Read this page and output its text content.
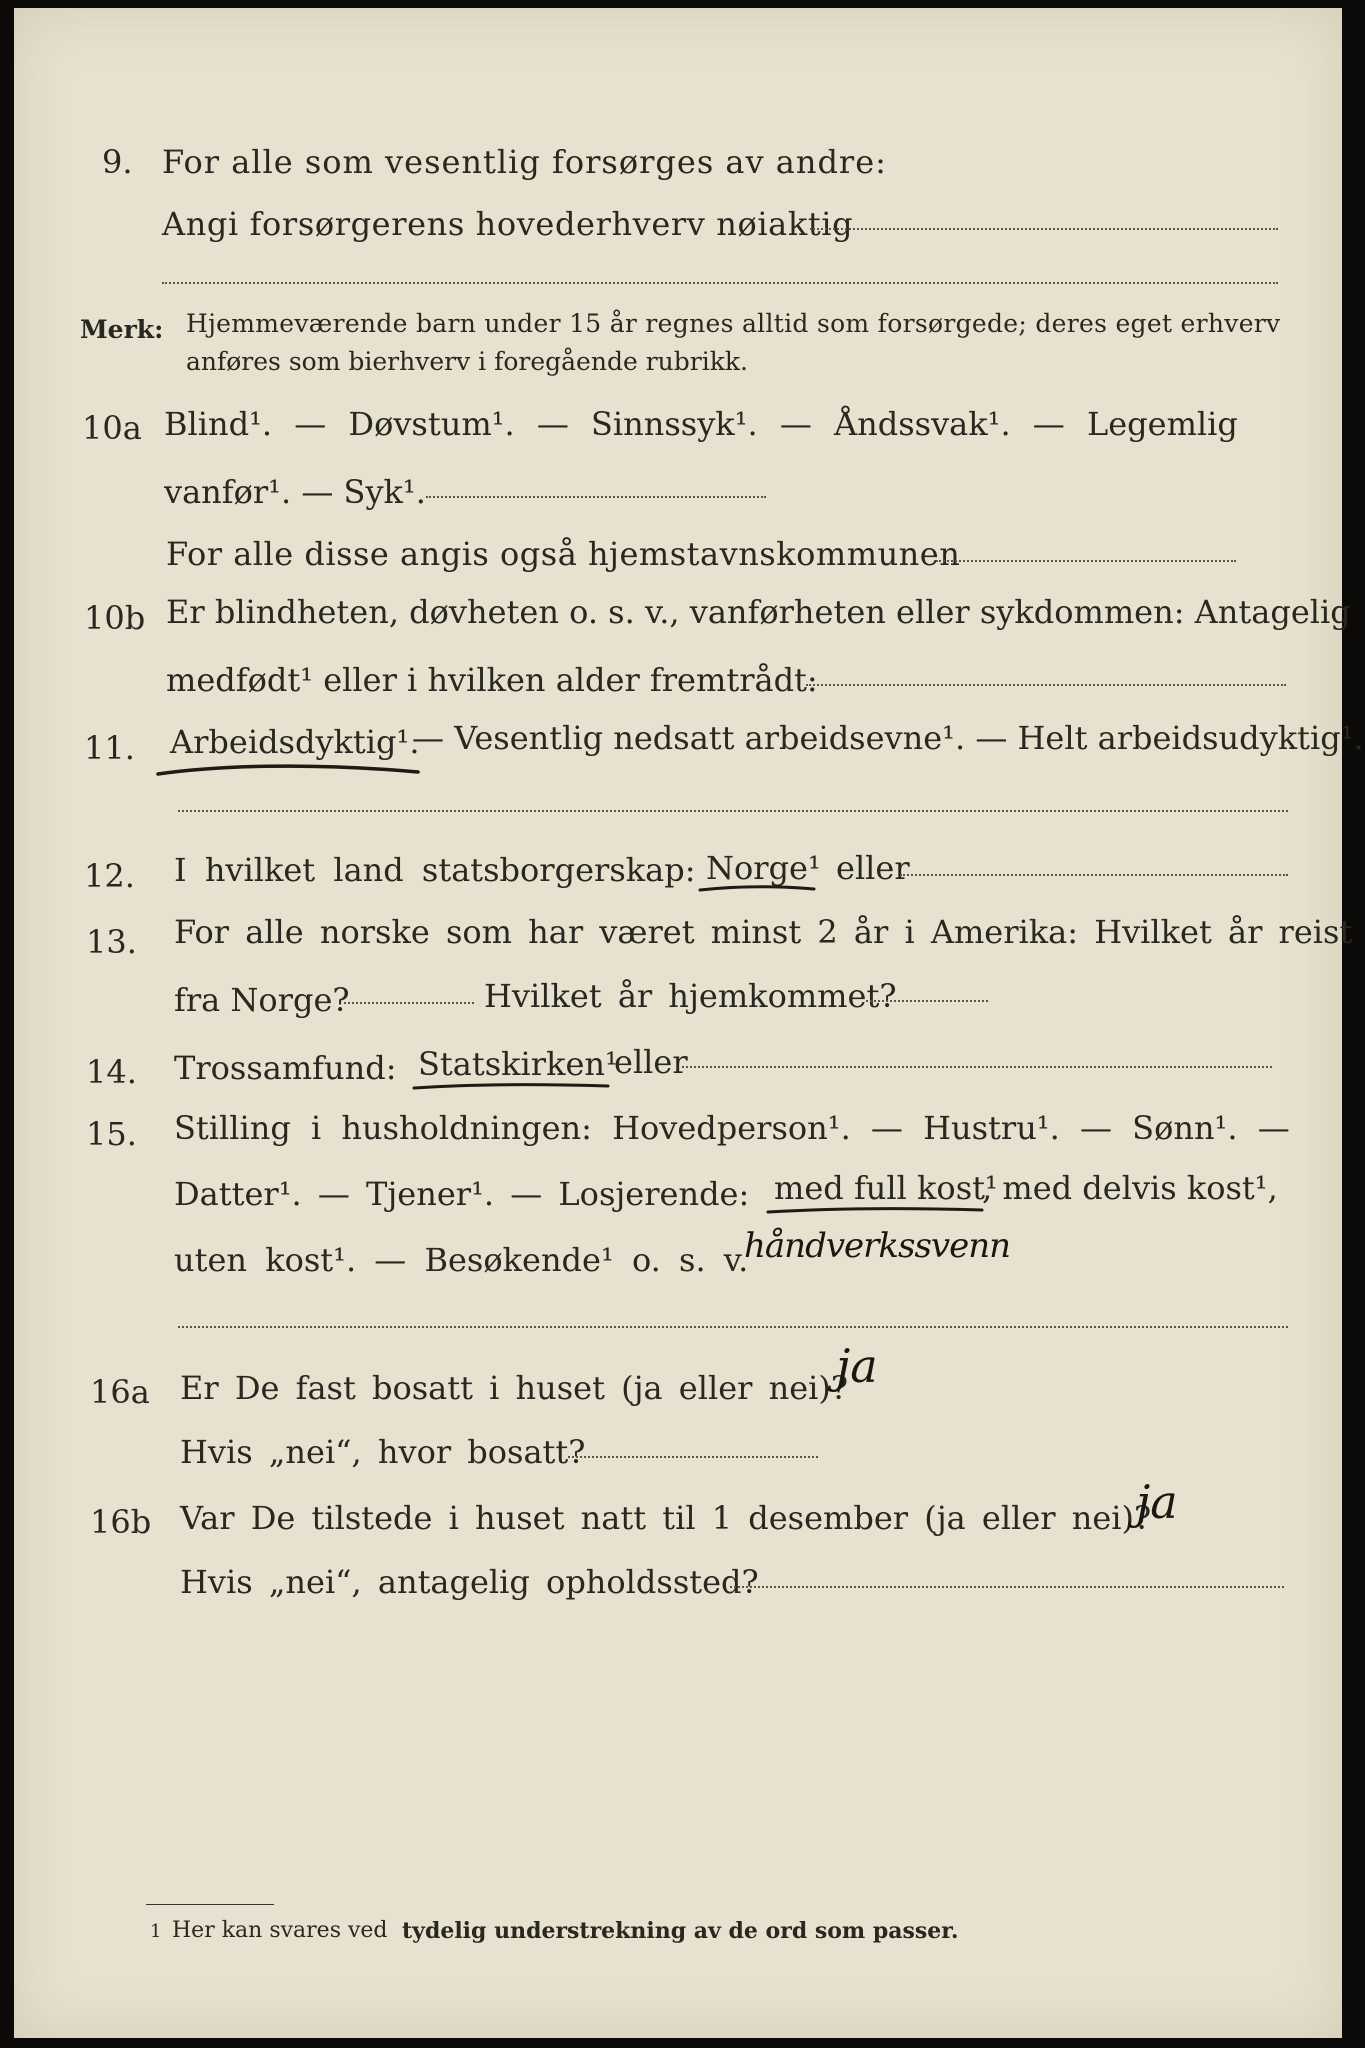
9. For alle som vesentlig forsørges av andre:
Angi forsørgerens hovederhverv nøiaktig
Merk: Hjemmeværende barn under 15 år regnes alltid som forsørgede; deres eget erhverv
anføres som bierhverv i foregående rubrikk.
10a Blind¹. — Døvstum¹. — Sinnssyk¹. — Åndssvak¹. — Legemlig
vanfør¹. — Syk¹.
For alle disse angis også hjemstavnskommunen
10b Er blindheten, døvheten o. s. v., vanførheten eller sykdommen: Antagelig
medfødt¹ eller i hvilken alder fremtrådt:
11. Arbeidsdyktig¹.
— Vesentlig nedsatt arbeidsevne¹. — Helt arbeidsudyktig¹.
12. I hvilket land statsborgerskap: Norge¹ eller
13. For alle norske som har været minst 2 år i Amerika: Hvilket år reist
fra Norge?	Hvilket år hjemkommet?
14. Trossamfund: Statskirken¹
eller
15. Stilling i husholdningen: Hovedperson¹. — Hustru¹. — Sønn¹. —
Datter¹. — Tjener¹. — Losjerende: med full kost¹
, med delvis kost¹,
uten kost¹. — Besøkende¹ o. s. v.
håndverkssvenn
16a Er De fast bosatt i huset (ja eller nei)?
ja
Hvis „nei“, hvor bosatt?
16b Var De tilstede i huset natt til 1 desember (ja eller nei)?
ja
Hvis „nei“, antagelig opholdssted?
1 Her kan svares ved tydelig understrekning av de ord som passer.
